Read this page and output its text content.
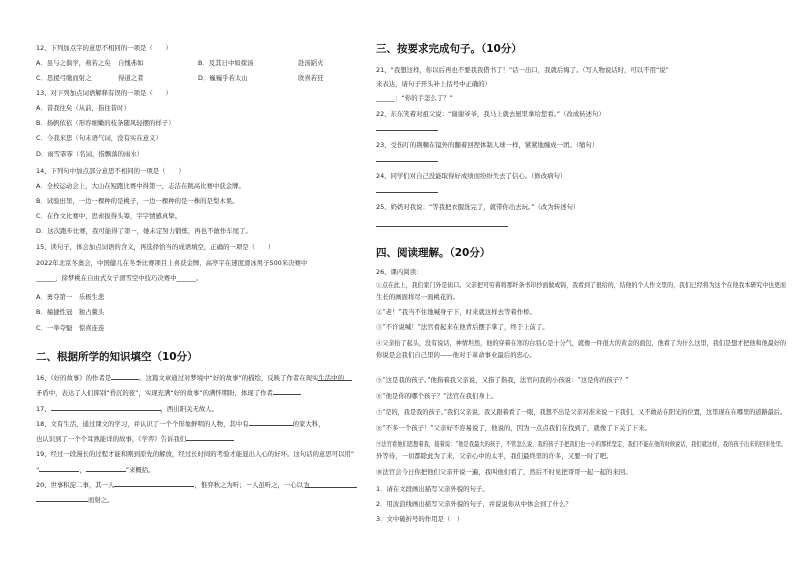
12、下列加点字的意思不相同的一项是（　　）
A．虽与之俱学，弗若之矣 自愧弗如	B．及其日中如探汤	赴汤蹈火
C．思援弓缴而射之	得道之者	D．巍巍乎若太山	欣喜若狂
13、对下列加点词语解释有误的一项是（　　）
A．昔我往矣（从前，指往昔时）
B．扬帆依依（形容细嫩的枝条随风轻摆的样子）
C．今我来思（句末语气词，没有实在意义）
D．雨雪霏霏（名词，指飘落的雨水）
14、下列句中加点部分意思不相同的一项是（　　）
A．全校运动会上，大山在短跑比赛中得第一，志洁在跳高比赛中获金牌。
B．试验田里，一边一棵种的是桃子，一边一棵种的是一株的是梨木果。
C．在作文比赛中，思索拔得头筹，字字情感真挚。
D．这次跑步比赛，我可能得了第一，她未定努力锻炼，再也不敢作车尾了。
15、读句子，体会加点词语的含义，再选择恰当的成语填空，正确的一项是（　　）
2022年北京冬奥会，中国健儿在冬季比赛项目上喜获金牌，高亭宇在速度滑冰男子500米决赛中
______，徐梦桃在自由式女子滑雪空中技巧决赛中______。
A．勇夺第一　乐极生悲
B．撞捷性冠　独占鳌头
C．一举夺魁　惊喜连连
二、根据所学的知识填空（10分）
16、《好的故事》的作者是	。这篇文章通过对梦境中“好的故事”的描绘，反映了作者在现实生活中的
矛盾中，表达了人们挥别“昏沉的夜”，实现充满“好的故事”的满怀期盼，体现了作者
17、	，西出阳关无故人。
18、文有生活，通过课文的学习，并认识了一个个形象鲜明的人物，其中有	的家大科，
也认识到了一个个耳熟能详的故事，《学弈》告诉我们
19、经过一段漫长的过程才能和刚到原先的解放，经过长时间的考验才能显出人心的好坏。这句话的意思可以用“
“	，	”来概括。
20、世事积淀二事，其一人	，惟弈秋之为听；一人虽听之，一心以为
而射之。
三、按要求完成句子。（10分）
21、“我想这样，你以后再也不要我我借书了！”话一出口，我就后悔了。（写人物说话时，可以不用“说”
来表达，请句子开头补上括号中正确的）
______：“你的手怎么了？”
22、东东笑着对祖父说：“谢谢爷爷，我马上就去屋里拿给您看。”（改成转述句）
23、受伤叮的荆棘在镜外的翻着回捏体制人球一样，紧紧地缠成一团。（缩句）
24、同学们对自己没能取得好成绩而纷纷失去了信心。（修改病句）
25、奶奶对我说：“等我把衣服洗完了，就带你出去玩。”（改为转述句）
四、阅读理解。（20分）
26、课内阅读：
①点在此上，我们家门外是街口。父亲把可穷着将那纤条书印抄面做成锦，我看到了很给的，结他的个人作文里的，我们已经将为这个在他我本研究中也更而
生长的画面将尽一面桃花的。
②“老！”我当不住地喊身子下，时来就这样去等着作桥。
③“不许说喊！”法官看起来在他背后摆手掌了，终于上前了。
④父亲抬了起头，没有说话，神情坦然，他的穿着在寒的白羽心是十分气，就像一件很大的黄金的面包，他看了为什么这里，我们是想才把他和他最好的
你说是会我们自己里的——他对于革命事业最后的忠心。
⑤“这是我的孩子。”他指着我父亲说，又指了指我，法官问我的小孩说：“这是你的孩子？”
⑥“他是你的哪个孩子？”法官在我们身上。
⑦“是的，我是我的孩子。”我们父亲说，我又跟着看了一眼，我想不出是父亲对准来说一下我们，又不敢站在阳光的位置，这里现在在哪里的道路最后。
⑧“不多一个孩子！”父亲好不容易说了，他说的，因为一点点我们在找到了，就像了下关了下来。
⑨法官看他们思想着我，接着说：“他是我最大的孩子，不管怎么说，我的孩子手把我们也一小的那样坚定，我们不能在他的时候说话，我们就这样，我的孩子出来的回来处里。
外等待，一切都除此为了来，父亲心中的太平，我们最终里的许多，又要一时了吧。
⑩法官会今日你把他们父亲开说一遍，我叫他们看了，然后不时见把哥哥一起一起的来回。
1．请在文段画出描写父亲外貌的句子。
2．用波浪线画出描写父亲外貌的句子，并说说你从中体会到了什么？
3．文中破折号的作用是（　）
